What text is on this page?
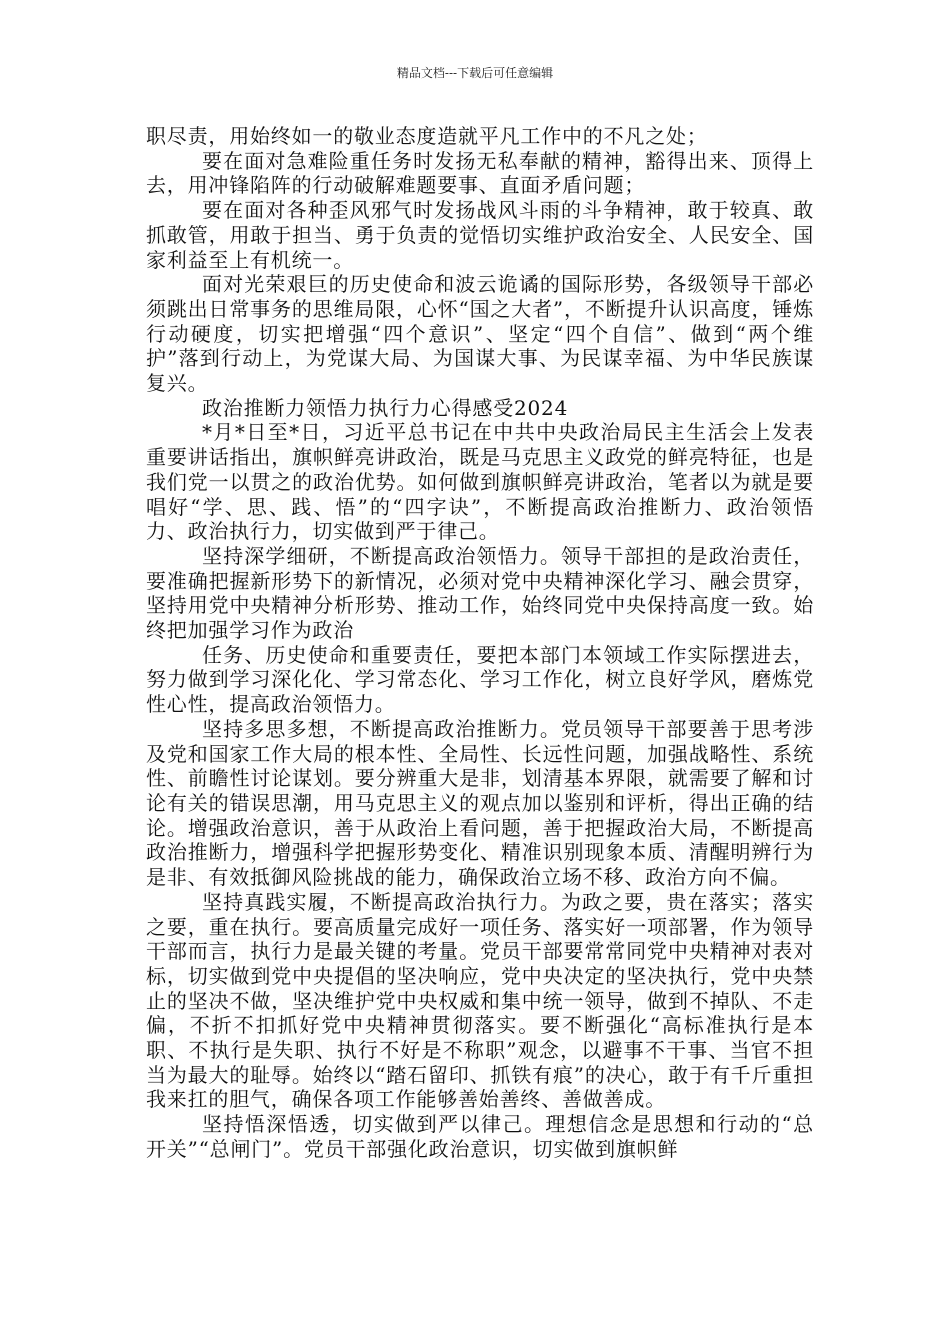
精品文档---下载后可任意编辑

职尽责，用始终如一的敬业态度造就平凡工作中的不凡之处；

要在面对急难险重任务时发扬无私奉献的精神，豁得出来、顶得上去，用冲锋陷阵的行动破解难题要事、直面矛盾问题；

要在面对各种歪风邪气时发扬战风斗雨的斗争精神，敢于较真、敢抓敢管，用敢于担当、勇于负责的觉悟切实维护政治安全、人民安全、国家利益至上有机统一。

面对光荣艰巨的历史使命和波云诡谲的国际形势，各级领导干部必须跳出日常事务的思维局限，心怀“国之大者”，不断提升认识高度，锤炼行动硬度，切实把增强“四个意识”、坚定“四个自信”、做到“两个维护”落到行动上，为党谋大局、为国谋大事、为民谋幸福、为中华民族谋复兴。

政治推断力领悟力执行力心得感受2024

*月*日至*日，习近平总书记在中共中央政治局民主生活会上发表重要讲话指出，旗帜鲜亮讲政治，既是马克思主义政党的鲜亮特征，也是我们党一以贯之的政治优势。如何做到旗帜鲜亮讲政治，笔者以为就是要唱好“学、思、践、悟”的“四字诀”，不断提高政治推断力、政治领悟力、政治执行力，切实做到严于律己。

坚持深学细研，不断提高政治领悟力。领导干部担的是政治责任，要准确把握新形势下的新情况，必须对党中央精神深化学习、融会贯穿，坚持用党中央精神分析形势、推动工作，始终同党中央保持高度一致。始终把加强学习作为政治

任务、历史使命和重要责任，要把本部门本领域工作实际摆进去，努力做到学习深化化、学习常态化、学习工作化，树立良好学风，磨炼党性心性，提高政治领悟力。

坚持多思多想，不断提高政治推断力。党员领导干部要善于思考涉及党和国家工作大局的根本性、全局性、长远性问题，加强战略性、系统性、前瞻性讨论谋划。要分辨重大是非，划清基本界限，就需要了解和讨论有关的错误思潮，用马克思主义的观点加以鉴别和评析，得出正确的结论。增强政治意识，善于从政治上看问题，善于把握政治大局，不断提高政治推断力，增强科学把握形势变化、精准识别现象本质、清醒明辨行为是非、有效抵御风险挑战的能力，确保政治立场不移、政治方向不偏。

坚持真践实履，不断提高政治执行力。为政之要，贵在落实；落实之要，重在执行。要高质量完成好一项任务、落实好一项部署，作为领导干部而言，执行力是最关键的考量。党员干部要常常同党中央精神对表对标，切实做到党中央提倡的坚决响应，党中央决定的坚决执行，党中央禁止的坚决不做，坚决维护党中央权威和集中统一领导，做到不掉队、不走偏，不折不扣抓好党中央精神贯彻落实。要不断强化“高标准执行是本职、不执行是失职、执行不好是不称职”观念，以避事不干事、当官不担当为最大的耻辱。始终以“踏石留印、抓铁有痕”的决心，敢于有千斤重担我来扛的胆气，确保各项工作能够善始善终、善做善成。

坚持悟深悟透，切实做到严以律己。理想信念是思想和行动的“总开关”“总闸门”。党员干部强化政治意识，切实做到旗帜鲜
